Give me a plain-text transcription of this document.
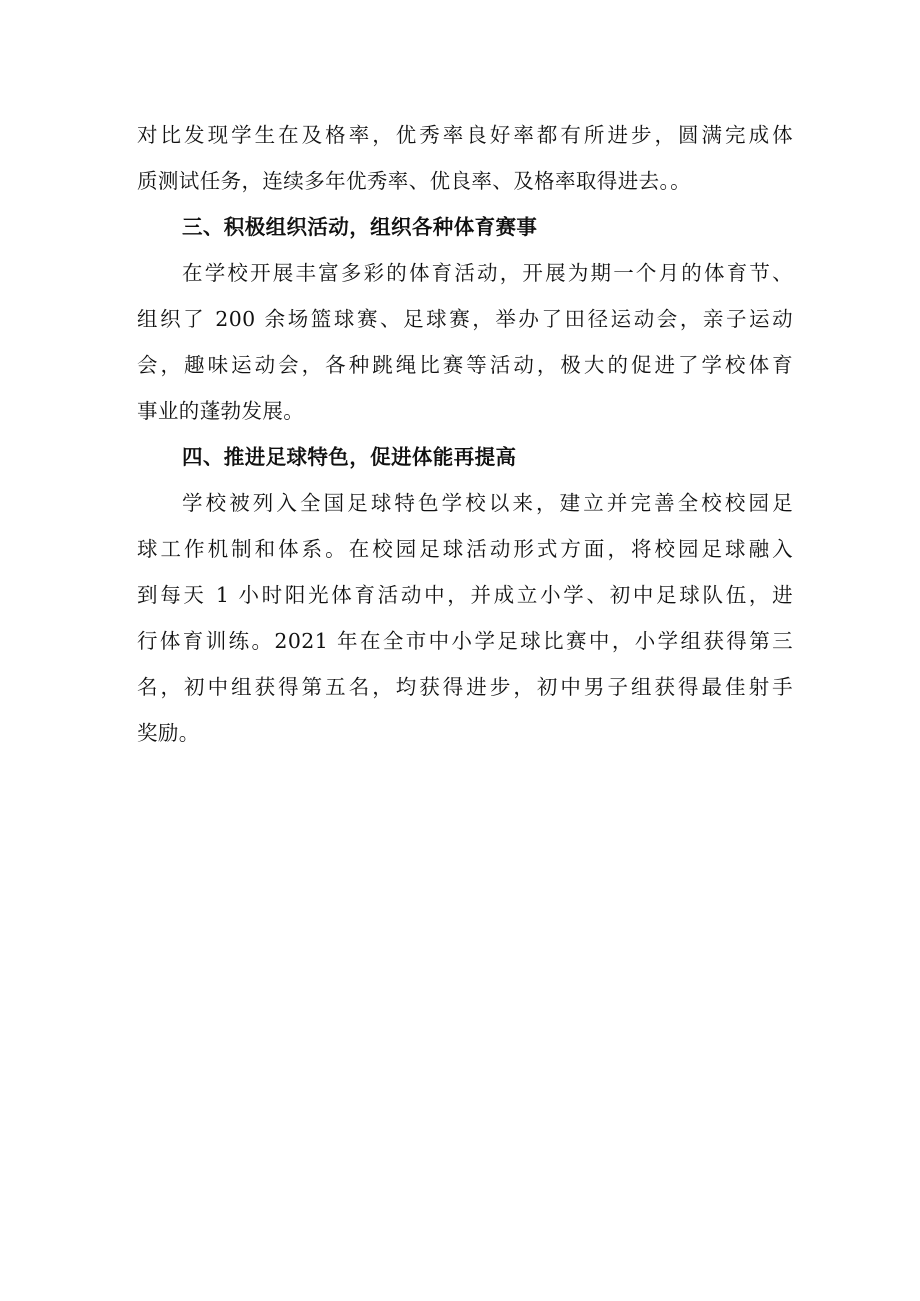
对比发现学生在及格率，优秀率良好率都有所进步，圆满完成体
质测试任务，连续多年优秀率、优良率、及格率取得进去。。
三、积极组织活动，组织各种体育赛事
在学校开展丰富多彩的体育活动，开展为期一个月的体育节、
组织了 200 余场篮球赛、足球赛，举办了田径运动会，亲子运动
会，趣味运动会，各种跳绳比赛等活动，极大的促进了学校体育
事业的蓬勃发展。
四、推进足球特色，促进体能再提高
学校被列入全国足球特色学校以来，建立并完善全校校园足
球工作机制和体系。在校园足球活动形式方面，将校园足球融入
到每天 1 小时阳光体育活动中，并成立小学、初中足球队伍，进
行体育训练。2021 年在全市中小学足球比赛中，小学组获得第三
名，初中组获得第五名，均获得进步，初中男子组获得最佳射手
奖励。
